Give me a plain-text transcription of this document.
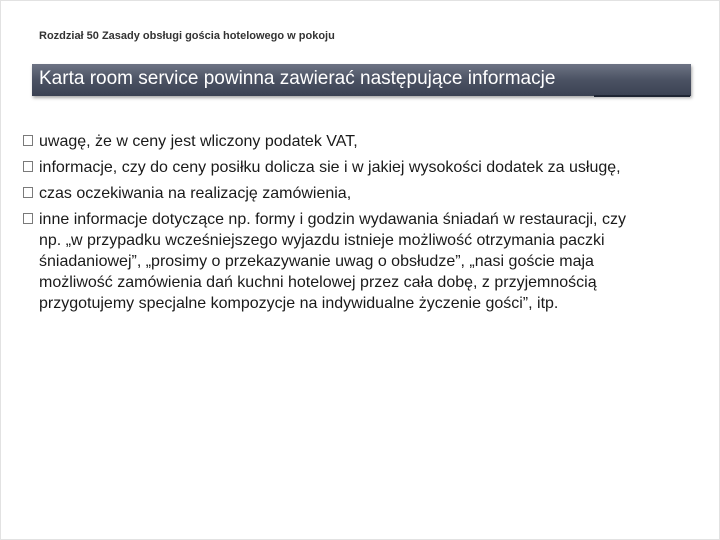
Rozdział 50 Zasady obsługi gościa hotelowego w pokoju
Karta room service powinna zawierać następujące informacje
uwagę, że w ceny jest wliczony podatek VAT,
informacje, czy do ceny posiłku dolicza sie i w jakiej wysokości dodatek za usługę,
czas oczekiwania na realizację zamówienia,
inne informacje dotyczące np. formy i godzin wydawania śniadań w restauracji, czy np. „w przypadku wcześniejszego wyjazdu istnieje możliwość otrzymania paczki śniadaniowej”, „prosimy o przekazywanie uwag o obsłudze”, „nasi goście maja możliwość zamówienia dań kuchni hotelowej przez cała dobę, z przyjemnością przygotujemy specjalne kompozycje na indywidualne życzenie gości”, itp.
